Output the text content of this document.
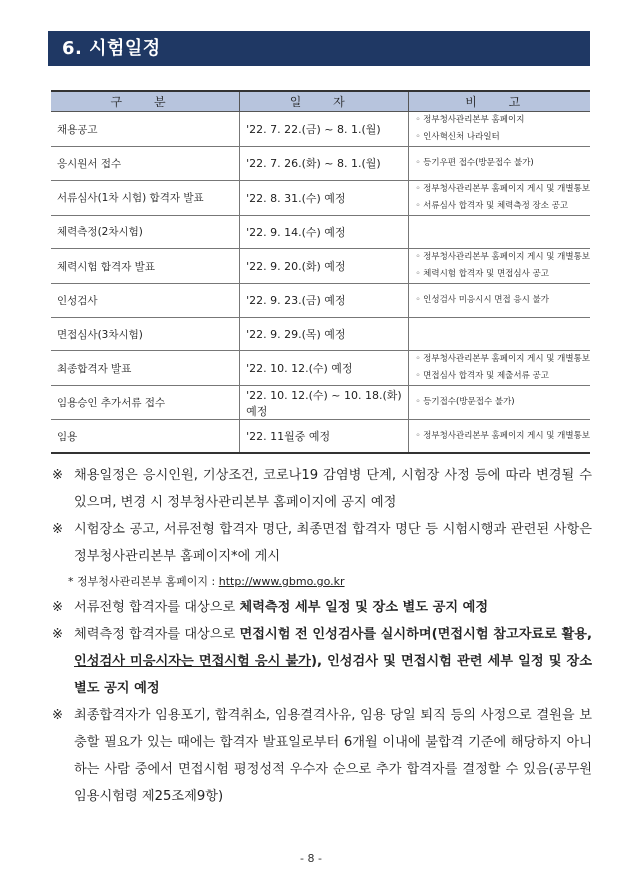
6. 시험일정
구 분	일 자	비 고
채용공고	'22. 7. 22.(금) ~ 8. 1.(월)	◦ 정부청사관리본부 홈페이지
◦ 인사혁신처 나라일터

응시원서 접수	'22. 7. 26.(화) ~ 8. 1.(월)	◦ 등기우편 접수(방문접수 불가)

서류심사(1차 시험) 합격자 발표	'22. 8. 31.(수) 예정	◦ 정부청사관리본부 홈페이지 게시 및 개별통보
◦ 서류심사 합격자 및 체력측정 장소 공고

체력측정(2차시험)	'22. 9. 14.(수) 예정	
체력시험 합격자 발표	'22. 9. 20.(화) 예정	◦ 정부청사관리본부 홈페이지 게시 및 개별통보
◦ 체력시험 합격자 및 면접심사 공고

인성검사	'22. 9. 23.(금) 예정	◦ 인성검사 미응시시 면접 응시 불가

면접심사(3차시험)	'22. 9. 29.(목) 예정	
최종합격자 발표	'22. 10. 12.(수) 예정	◦ 정부청사관리본부 홈페이지 게시 및 개별통보
◦ 면접심사 합격자 및 제출서류 공고

임용승인 추가서류 접수	'22. 10. 12.(수) ~ 10. 18.(화) 예정	◦ 등기접수(방문접수 불가)

임용	'22. 11월중 예정	◦ 정부청사관리본부 홈페이지 게시 및 개별통보
※ 채용일정은 응시인원, 기상조건, 코로나19 감염병 단계, 시험장 사정 등에 따라 변경될 수 있으며, 변경 시 정부청사관리본부 홈페이지에 공지 예정
※ 시험장소 공고, 서류전형 합격자 명단, 최종면접 합격자 명단 등 시험시행과 관련된 사항은 정부청사관리본부 홈페이지*에 게시
* 정부청사관리본부 홈페이지 : http://www.gbmo.go.kr
※ 서류전형 합격자를 대상으로 체력측정 세부 일정 및 장소 별도 공지 예정
※ 체력측정 합격자를 대상으로 면접시험 전 인성검사를 실시하며(면접시험 참고자료로 활용, 인성검사 미응시자는 면접시험 응시 불가), 인성검사 및 면접시험 관련 세부 일정 및 장소 별도 공지 예정
※ 최종합격자가 임용포기, 합격취소, 임용결격사유, 임용 당일 퇴직 등의 사정으로 결원을 보충할 필요가 있는 때에는 합격자 발표일로부터 6개월 이내에 불합격 기준에 해당하지 아니하는 사람 중에서 면접시험 평정성적 우수자 순으로 추가 합격자를 결정할 수 있음(공무원임용시험령 제25조제9항)
- 8 -
